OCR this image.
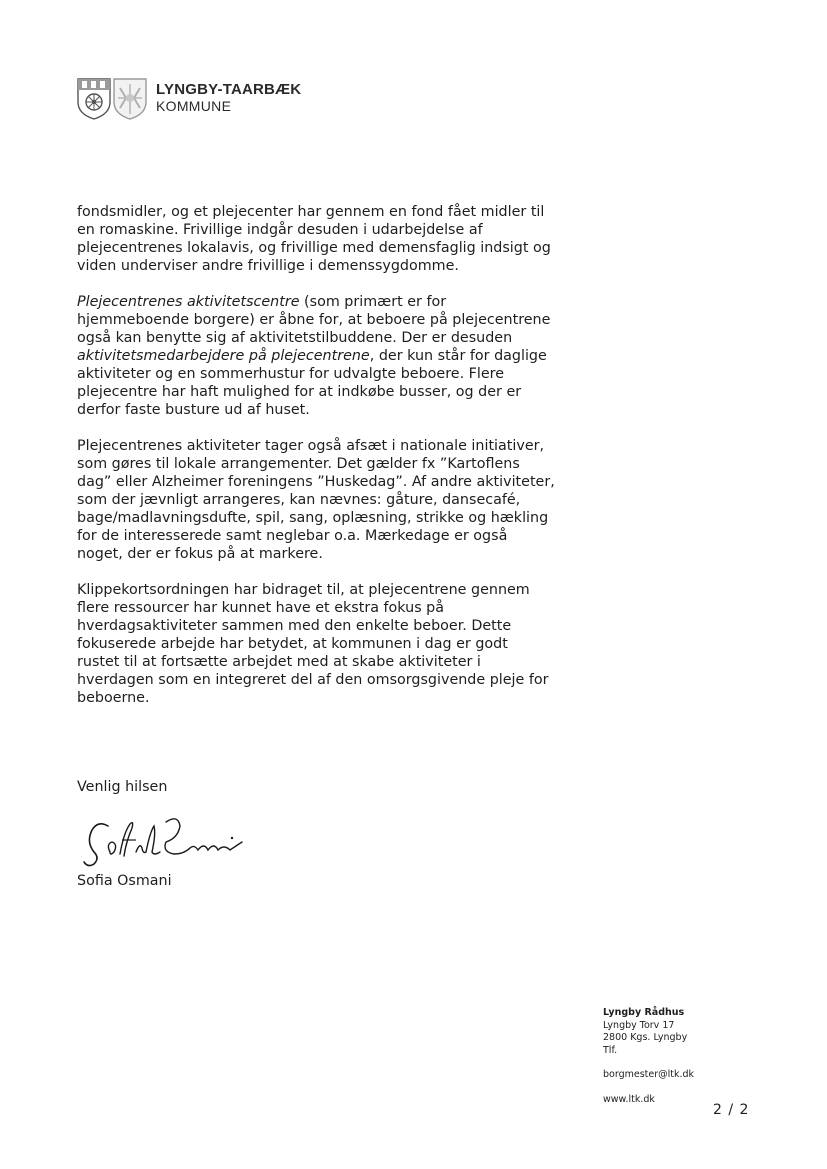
LYNGBY-TAARBÆK
KOMMUNE

fondsmidler, og et plejecenter har gennem en fond fået midler til
en romaskine. Frivillige indgår desuden i udarbejdelse af
plejecentrenes lokalavis, og frivillige med demensfaglig indsigt og
viden underviser andre frivillige i demenssygdomme.

Plejecentrenes aktivitetscentre (som primært er for
hjemmeboende borgere) er åbne for, at beboere på plejecentrene
også kan benytte sig af aktivitetstilbuddene. Der er desuden
aktivitetsmedarbejdere på plejecentrene, der kun står for daglige
aktiviteter og en sommerhustur for udvalgte beboere. Flere
plejecentre har haft mulighed for at indkøbe busser, og der er
derfor faste busture ud af huset.

Plejecentrenes aktiviteter tager også afsæt i nationale initiativer,
som gøres til lokale arrangementer. Det gælder fx ”Kartoflens
dag” eller Alzheimer foreningens ”Huskedag”. Af andre aktiviteter,
som der jævnligt arrangeres, kan nævnes: gåture, dansecafé,
bage/madlavningsdufte, spil, sang, oplæsning, strikke og hækling
for de interesserede samt neglebar o.a. Mærkedage er også
noget, der er fokus på at markere.

Klippekortsordningen har bidraget til, at plejecentrene gennem
flere ressourcer har kunnet have et ekstra fokus på
hverdagsaktiviteter sammen med den enkelte beboer. Dette
fokuserede arbejde har betydet, at kommunen i dag er godt
rustet til at fortsætte arbejdet med at skabe aktiviteter i
hverdagen som en integreret del af den omsorgsgivende pleje for
beboerne.

Venlig hilsen
Sofia Osmani
Lyngby Rådhus
Lyngby Torv 17
2800 Kgs. Lyngby
Tlf.
borgmester@ltk.dk
www.ltk.dk
2 / 2
